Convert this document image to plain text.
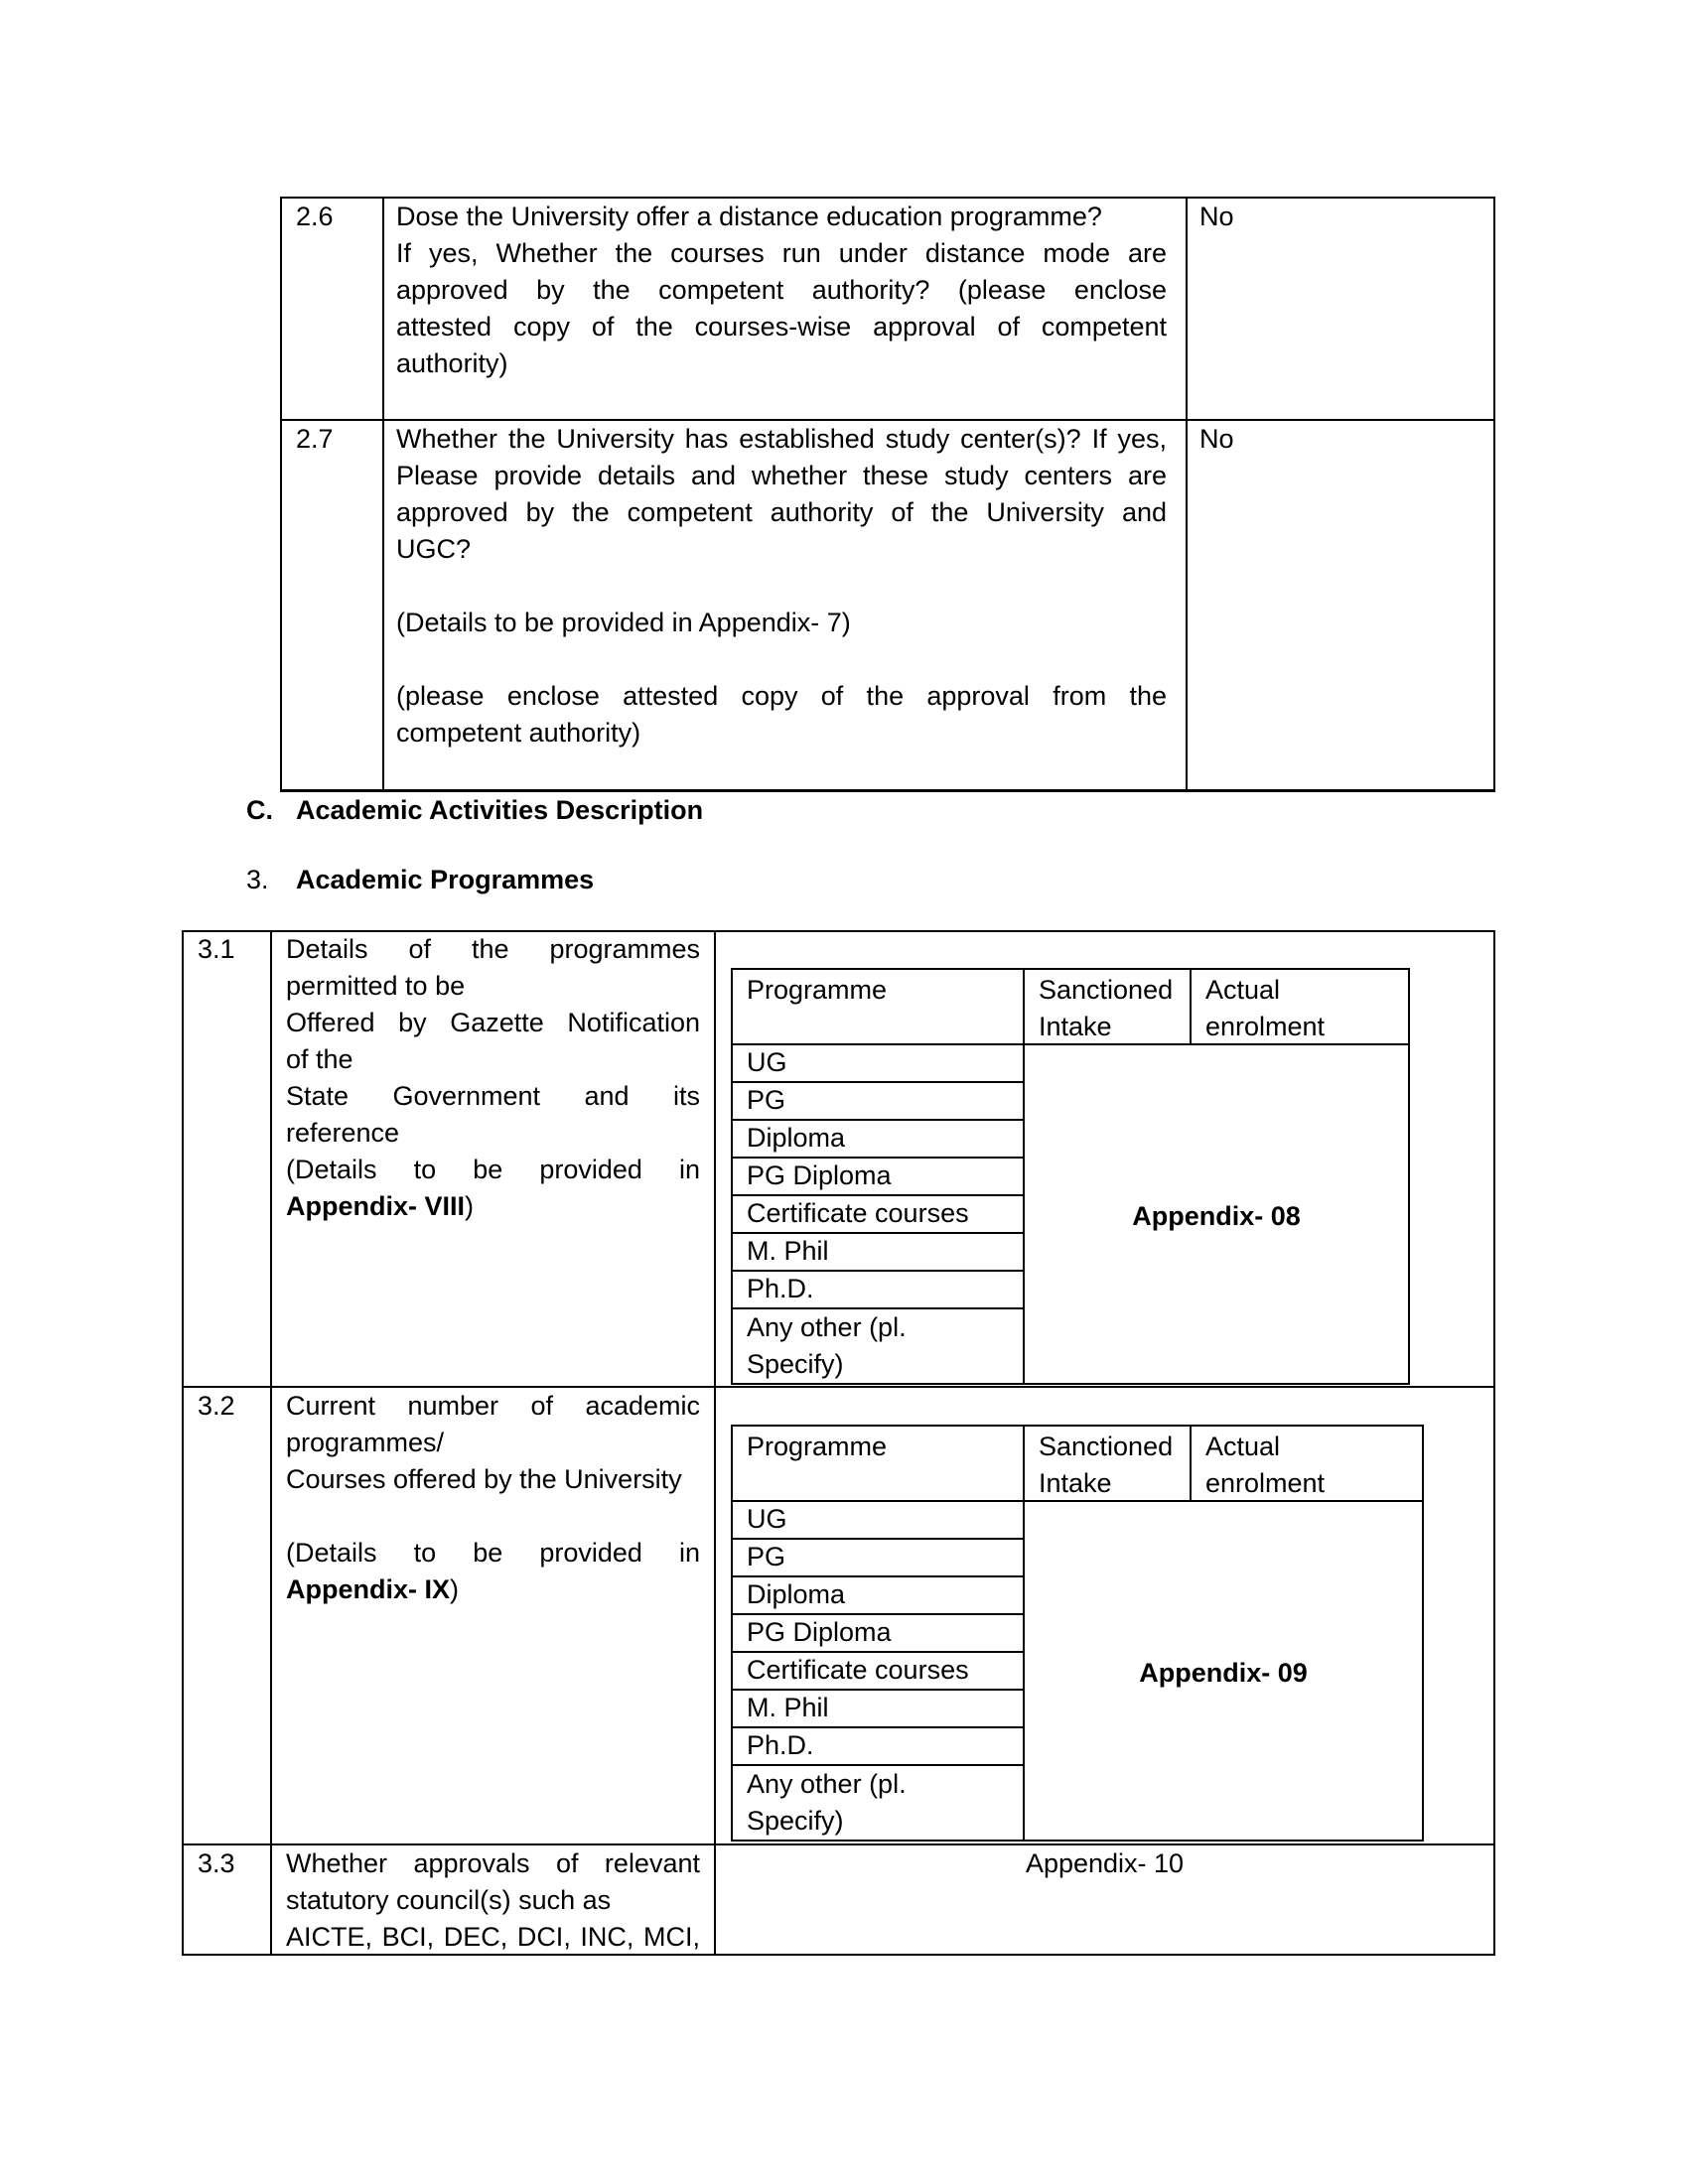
2.6 Dose the University offer a distance education programme?
If yes, Whether the courses run under distance mode are
approved by the competent authority? (please enclose
attested copy of the courses-wise approval of competent
authority)
No
2.7 Whether the University has established study center(s)? If yes,
Please provide details and whether these study centers are
approved by the competent authority of the University and
UGC?
(Details to be provided in Appendix- 7)
(please enclose attested copy of the approval from the
competent authority)
No
C. Academic Activities Description
3. Academic Programmes
3.1 Details of the programmes
permitted to be
Offered by Gazette Notification
of the
State Government and its
reference
(Details to be provided in
Appendix- VIII)
Programme	Sanctioned
Intake
Actual
enrolment
UG
PG
Diploma
PG Diploma
Certificate courses
M. Phil
Ph.D.
Any other (pl.
Specify)
Appendix- 08
3.2 Current number of academic
programmes/
Courses offered by the University
(Details to be provided in
Appendix- IX)
Programme	Sanctioned
Intake
Actual
enrolment
UG
PG
Diploma
PG Diploma
Certificate courses
M. Phil
Ph.D.
Any other (pl.
Specify)
Appendix- 09
3.3 Whether approvals of relevant
statutory council(s) such as
AICTE, BCI, DEC, DCI, INC, MCI,
Appendix- 10
